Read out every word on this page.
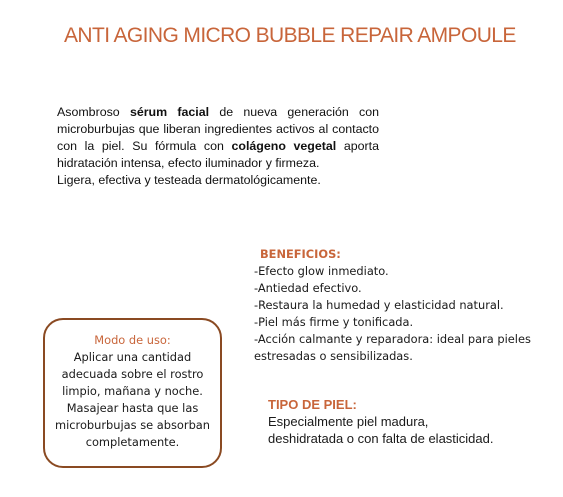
ANTI AGING MICRO BUBBLE REPAIR AMPOULE
Asombroso sérum facial de nueva generación con microburbujas que liberan ingredientes activos al contacto con la piel. Su fórmula con colágeno vegetal aporta hidratación intensa, efecto iluminador y firmeza.
Ligera, efectiva y testeada dermatológicamente.
BENEFICIOS:
-Efecto glow inmediato.
-Antiedad efectivo.
-Restaura la humedad y elasticidad natural.
-Piel más firme y tonificada.
-Acción calmante y reparadora: ideal para pieles estresadas o sensibilizadas.
Modo de uso:
Aplicar una cantidad adecuada sobre el rostro limpio, mañana y noche. Masajear hasta que las microburbujas se absorban completamente.
TIPO DE PIEL:
Especialmente piel madura, deshidratada o con falta de elasticidad.
